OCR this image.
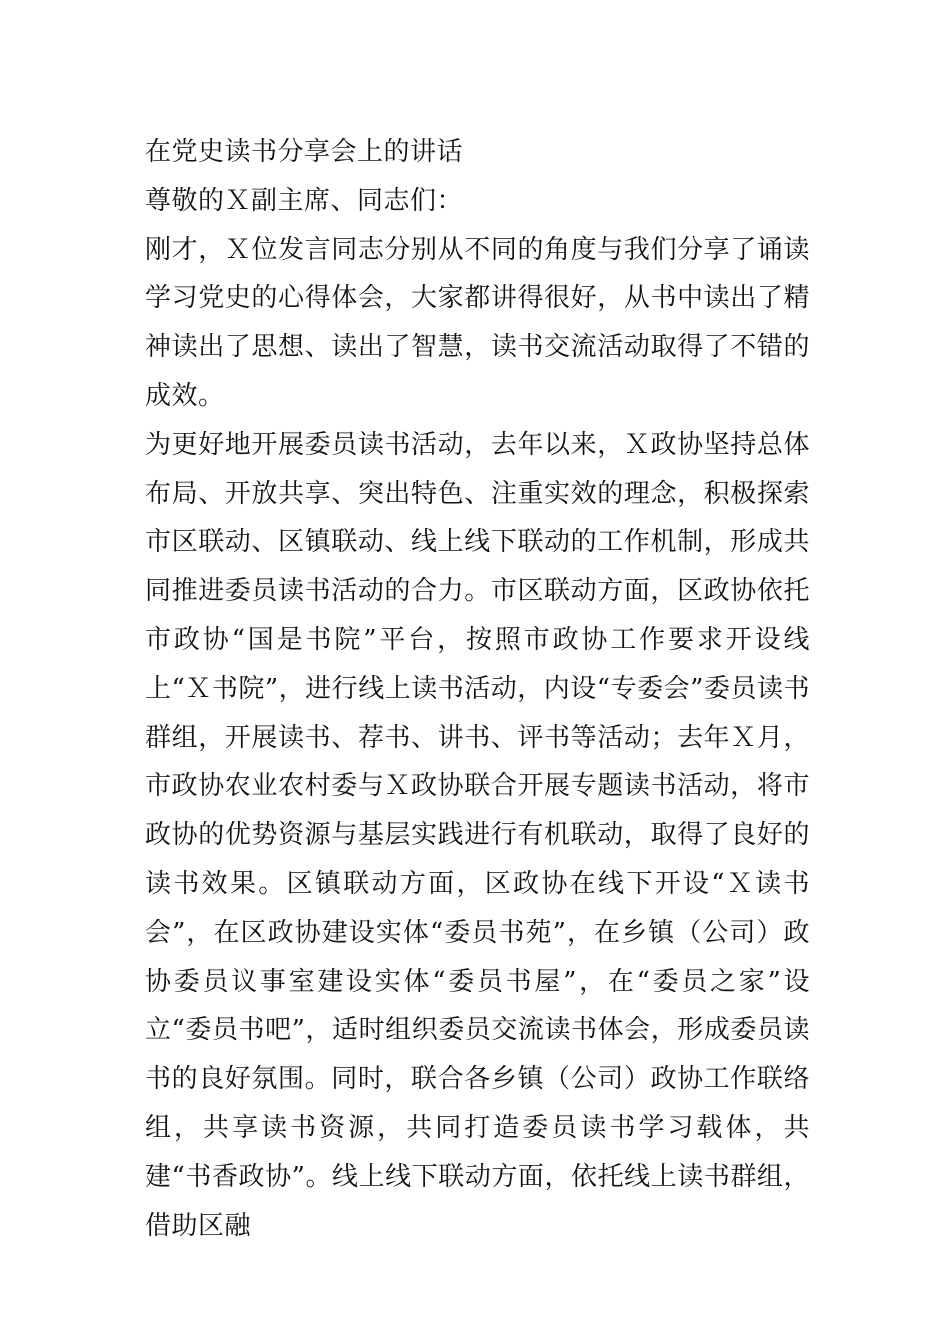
在党史读书分享会上的讲话

尊敬的Ｘ副主席、同志们：

刚才，Ｘ位发言同志分别从不同的角度与我们分享了诵读学习党史的心得体会，大家都讲得很好，从书中读出了精神读出了思想、读出了智慧，读书交流活动取得了不错的成效。

为更好地开展委员读书活动，去年以来，Ｘ政协坚持总体布局、开放共享、突出特色、注重实效的理念，积极探索市区联动、区镇联动、线上线下联动的工作机制，形成共同推进委员读书活动的合力。市区联动方面，区政协依托市政协“国是书院”平台，按照市政协工作要求开设线上“Ｘ书院”，进行线上读书活动，内设“专委会”委员读书群组，开展读书、荐书、讲书、评书等活动；去年Ｘ月，市政协农业农村委与Ｘ政协联合开展专题读书活动，将市政协的优势资源与基层实践进行有机联动，取得了良好的读书效果。区镇联动方面，区政协在线下开设“Ｘ读书会”，在区政协建设实体“委员书苑”，在乡镇（公司）政协委员议事室建设实体“委员书屋”，在“委员之家”设立“委员书吧”，适时组织委员交流读书体会，形成委员读书的良好氛围。同时，联合各乡镇（公司）政协工作联络组，共享读书资源，共同打造委员读书学习载体，共建“书香政协”。线上线下联动方面，依托线上读书群组，借助区融
